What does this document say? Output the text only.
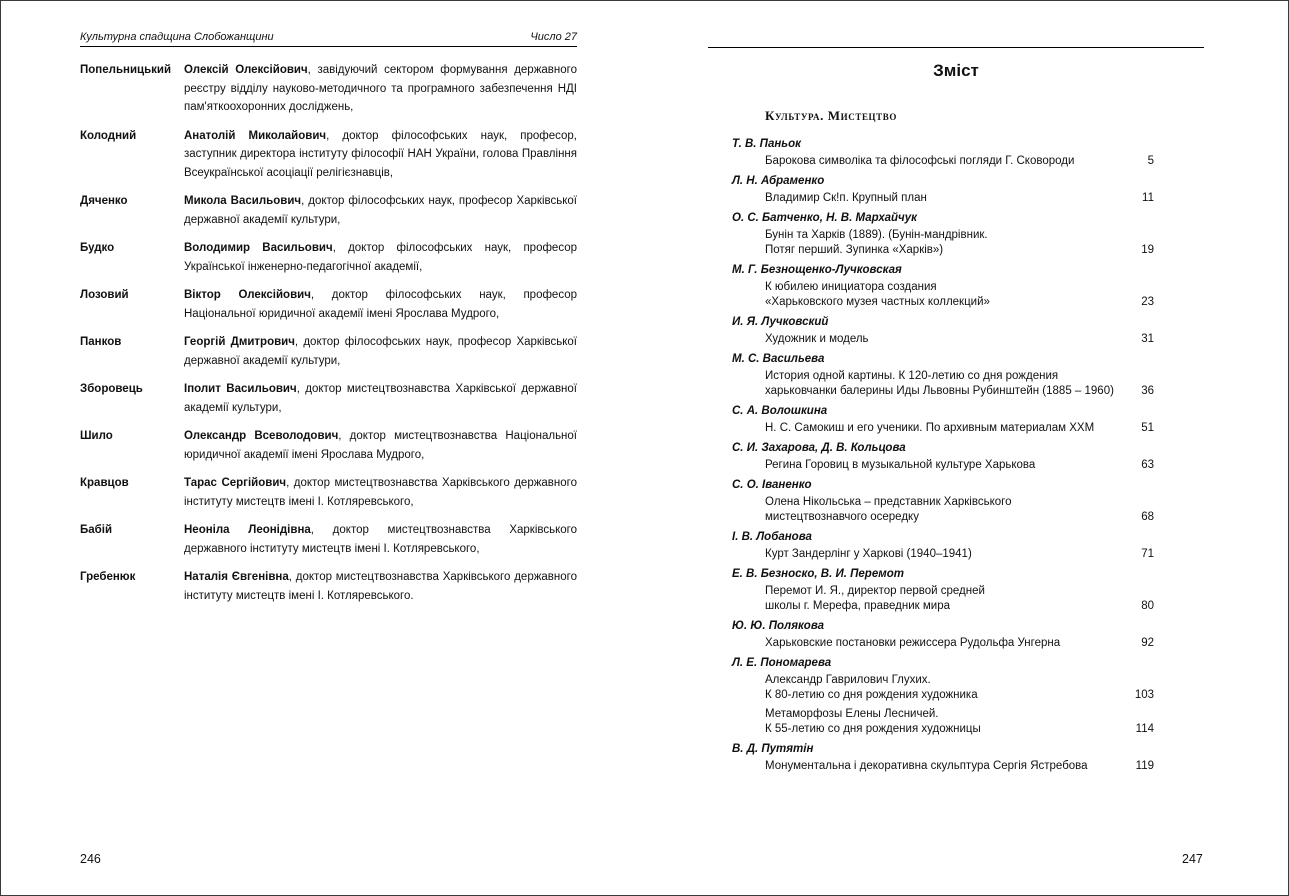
Культурна спадщина Слобожанщини	Число 27
Попельницький	Олексій Олексійович, завідуючий сектором формування державного реєстру відділу науково-методичного та програмного забезпечення НДІ пам'яткоохоронних досліджень,
Колодний	Анатолій Миколайович, доктор філософських наук, професор, заступник директора інституту філософії НАН України, голова Правління Всеукраїнської асоціації релігієзнавців,
Дяченко	Микола Васильович, доктор філософських наук, професор Харківської державної академії культури,
Будко	Володимир Васильович, доктор філософських наук, професор Української інженерно-педагогічної академії,
Лозовий	Віктор Олексійович, доктор філософських наук, професор Національної юридичної академії імені Ярослава Мудрого,
Панков	Георгій Дмитрович, доктор філософських наук, професор Харківської державної академії культури,
Зборовець	Іполит Васильович, доктор мистецтвознавства Харківської державної академії культури,
Шило	Олександр Всеволодович, доктор мистецтвознавства Національної юридичної академії імені Ярослава Мудрого,
Кравцов	Тарас Сергійович, доктор мистецтвознавства Харківського державного інституту мистецтв імені І. Котляревського,
Бабій	Неоніла Леонідівна, доктор мистецтвознавства Харківського державного інституту мистецтв імені І. Котляревського,
Гребенюк	Наталія Євгенівна, доктор мистецтвознавства Харківського державного інституту мистецтв імені І. Котляревського.
246
Зміст
Культура. Мистецтво
Т. В. Паньок
Барокова символіка та філософські погляди Г. Сковороди	5
Л. Н. Абраменко
Владимир Ск!п. Крупный план	11
О. С. Батченко, Н. В. Мархайчук
Бунін та Харків (1889). (Бунін-мандрівник.
Потяг перший. Зупинка «Харків»)	19
М. Г. Безнощенко-Лучковская
К юбилею инициатора создания
«Харьковского музея частных коллекций»	23
И. Я. Лучковский
Художник и модель	31
М. С. Васильева
История одной картины. К 120-летию со дня рождения
харьковчанки балерины Иды Львовны Рубинштейн (1885 – 1960)	36
С. А. Волошкина
Н. С. Самокиш и его ученики. По архивным материалам ХХМ	51
С. И. Захарова, Д. В. Кольцова
Регина Горовиц в музыкальной культуре Харькова	63
С. О. Іваненко
Олена Нікольська – представник Харківського
мистецтвознавчого осередку	68
І. В. Лобанова
Курт Зандерлінг у Харкові (1940–1941)	71
Е. В. Безноско, В. И. Перемот
Перемот И. Я., директор первой средней
школы г. Мерефа, праведник мира	80
Ю. Ю. Полякова
Харьковские постановки режиссера Рудольфа Унгерна	92
Л. Е. Пономарева
Александр Гаврилович Глухих.
К 80-летию со дня рождения художника	103
Метаморфозы Елены Лесничей.
К 55-летию со дня рождения художницы	114
В. Д. Путятін
Монументальна і декоративна скульптура Сергія Ястребова	119
247
